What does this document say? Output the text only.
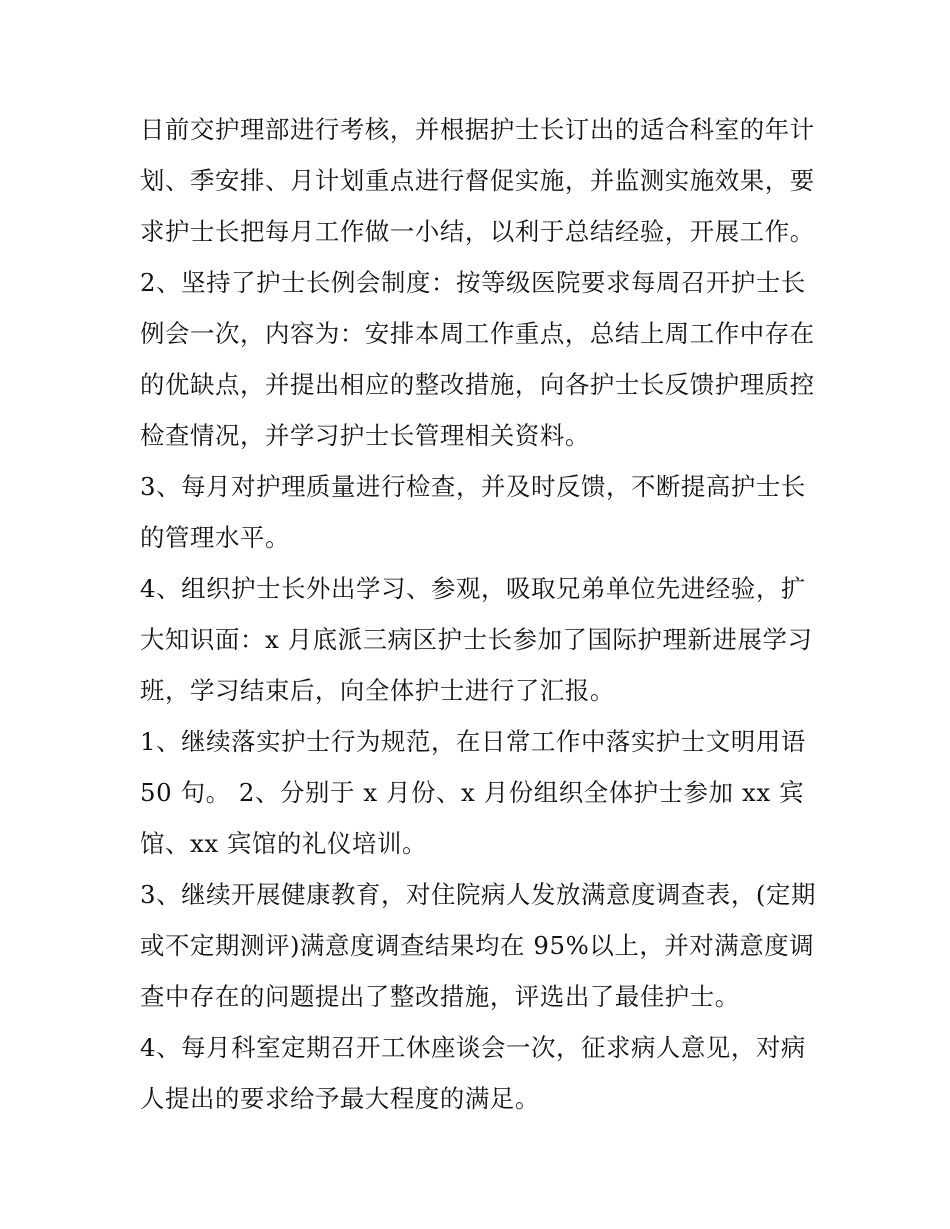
日前交护理部进行考核，并根据护士长订出的适合科室的年计
划、季安排、月计划重点进行督促实施，并监测实施效果，要
求护士长把每月工作做一小结，以利于总结经验，开展工作。
2、坚持了护士长例会制度：按等级医院要求每周召开护士长
例会一次，内容为：安排本周工作重点，总结上周工作中存在
的优缺点，并提出相应的整改措施，向各护士长反馈护理质控
检查情况，并学习护士长管理相关资料。
3、每月对护理质量进行检查，并及时反馈，不断提高护士长
的管理水平。
4、组织护士长外出学习、参观，吸取兄弟单位先进经验，扩
大知识面：x 月底派三病区护士长参加了国际护理新进展学习
班，学习结束后，向全体护士进行了汇报。
1、继续落实护士行为规范，在日常工作中落实护士文明用语
50 句。 2、分别于 x 月份、x 月份组织全体护士参加 xx 宾
馆、xx 宾馆的礼仪培训。
3、继续开展健康教育，对住院病人发放满意度调查表，(定期
或不定期测评)满意度调查结果均在 95%以上，并对满意度调
查中存在的问题提出了整改措施，评选出了最佳护士。
4、每月科室定期召开工休座谈会一次，征求病人意见，对病
人提出的要求给予最大程度的满足。
